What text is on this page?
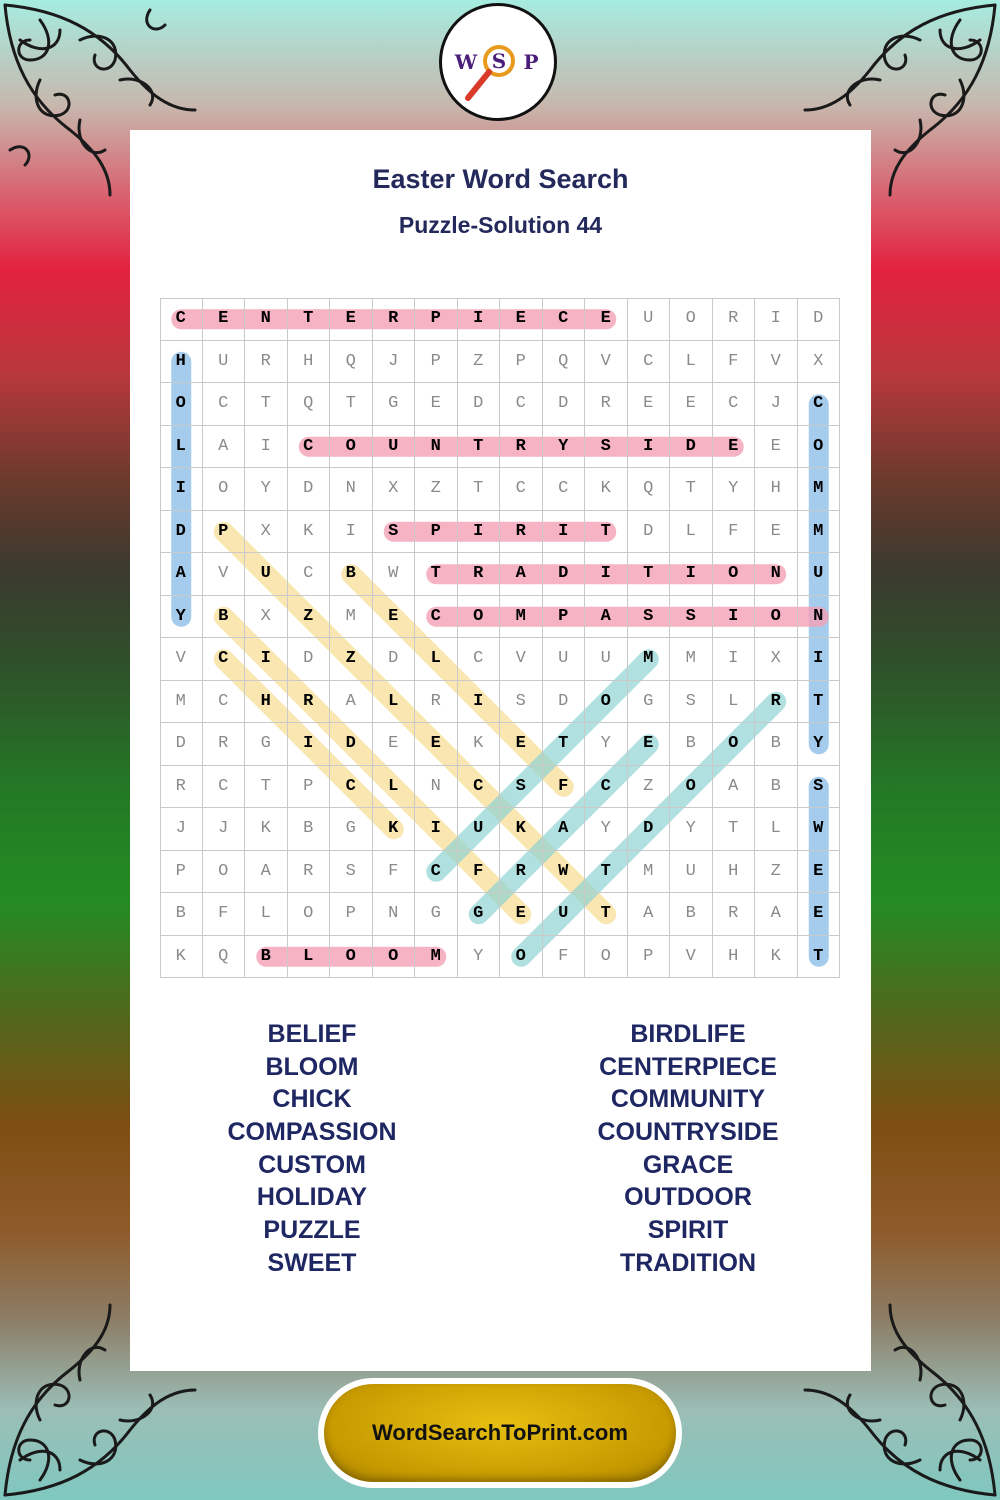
W S P
Easter Word Search
Puzzle-Solution 44
C	E	N	T	E	R	P	I	E	C	E	U	O	R	I	D
H	U	R	H	Q	J	P	Z	P	Q	V	C	L	F	V	X
O	C	T	Q	T	G	E	D	C	D	R	E	E	C	J	C
L	A	I	C	O	U	N	T	R	Y	S	I	D	E	E	O
I	O	Y	D	N	X	Z	T	C	C	K	Q	T	Y	H	M
D	P	X	K	I	S	P	I	R	I	T	D	L	F	E	M
A	V	U	C	B	W	T	R	A	D	I	T	I	O	N	U
Y	B	X	Z	M	E	C	O	M	P	A	S	S	I	O	N
V	C	I	D	Z	D	L	C	V	U	U	M	M	I	X	I
M	C	H	R	A	L	R	I	S	D	O	G	S	L	R	T
D	R	G	I	D	E	E	K	E	T	Y	E	B	O	B	Y
R	C	T	P	C	L	N	C	S	F	C	Z	O	A	B	S
J	J	K	B	G	K	I	U	K	A	Y	D	Y	T	L	W
P	O	A	R	S	F	C	F	R	W	T	M	U	H	Z	E
B	F	L	O	P	N	G	G	E	U	T	A	B	R	A	E
K	Q	B	L	O	O	M	Y	O	F	O	P	V	H	K	T
BELIEF
BLOOM
CHICK
COMPASSION
CUSTOM
HOLIDAY
PUZZLE
SWEET
BIRDLIFE
CENTERPIECE
COMMUNITY
COUNTRYSIDE
GRACE
OUTDOOR
SPIRIT
TRADITION
WordSearchToPrint.com
